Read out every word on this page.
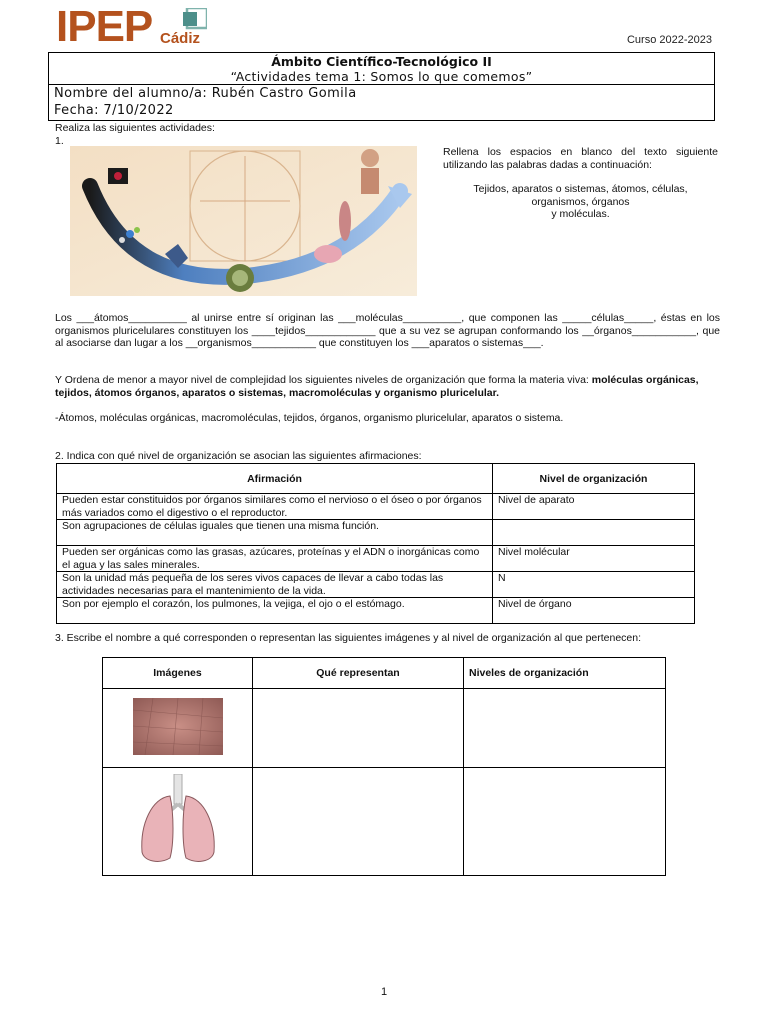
IPEP Cádiz	Curso 2022-2023
Ámbito Científico-Tecnológico II
“Actividades tema 1: Somos lo que comemos”
Nombre del alumno/a: Rubén Castro Gomila
Fecha: 7/10/2022
Realiza las siguientes actividades:
1.
Rellena los espacios en blanco del texto siguiente utilizando las palabras dadas a continuación:
Tejidos, aparatos o sistemas, átomos, células,
organismos, órganos
y moléculas.
Los ___átomos__________ al unirse entre sí originan las ___moléculas__________, que componen las _____células_____, éstas en los organismos pluricelulares constituyen los ____tejidos____________ que a su vez se agrupan conformando los __órganos___________, que al asociarse dan lugar a los __organismos___________ que constituyen los ___aparatos o sistemas___.
Y Ordena de menor a mayor nivel de complejidad los siguientes niveles de organización que forma la materia viva: moléculas orgánicas, tejidos, átomos órganos, aparatos o sistemas, macromoléculas y organismo pluricelular.
-Átomos, moléculas orgánicas, macromoléculas, tejidos, órganos, organismo pluricelular, aparatos o sistema.
2. Indica con qué nivel de organización se asocian las siguientes afirmaciones:
Afirmación	Nivel de organización
Pueden estar constituidos por órganos similares como el nervioso o el óseo o por órganos más variados como el digestivo o el reproductor.	Nivel de aparato
Son agrupaciones de células iguales que tienen una misma función.	
Pueden ser orgánicas como las grasas, azúcares, proteínas y el ADN o inorgánicas como el agua y las sales minerales.	Nivel molécular
Son la unidad más pequeña de los seres vivos capaces de llevar a cabo todas las actividades necesarias para el mantenimiento de la vida.	N
Son por ejemplo el corazón, los pulmones, la vejiga, el ojo o el estómago.	Nivel de órgano
3. Escribe el nombre a qué corresponden o representan las siguientes imágenes y al nivel de organización al que pertenecen:
Imágenes	Qué representan	Niveles de organización

1
